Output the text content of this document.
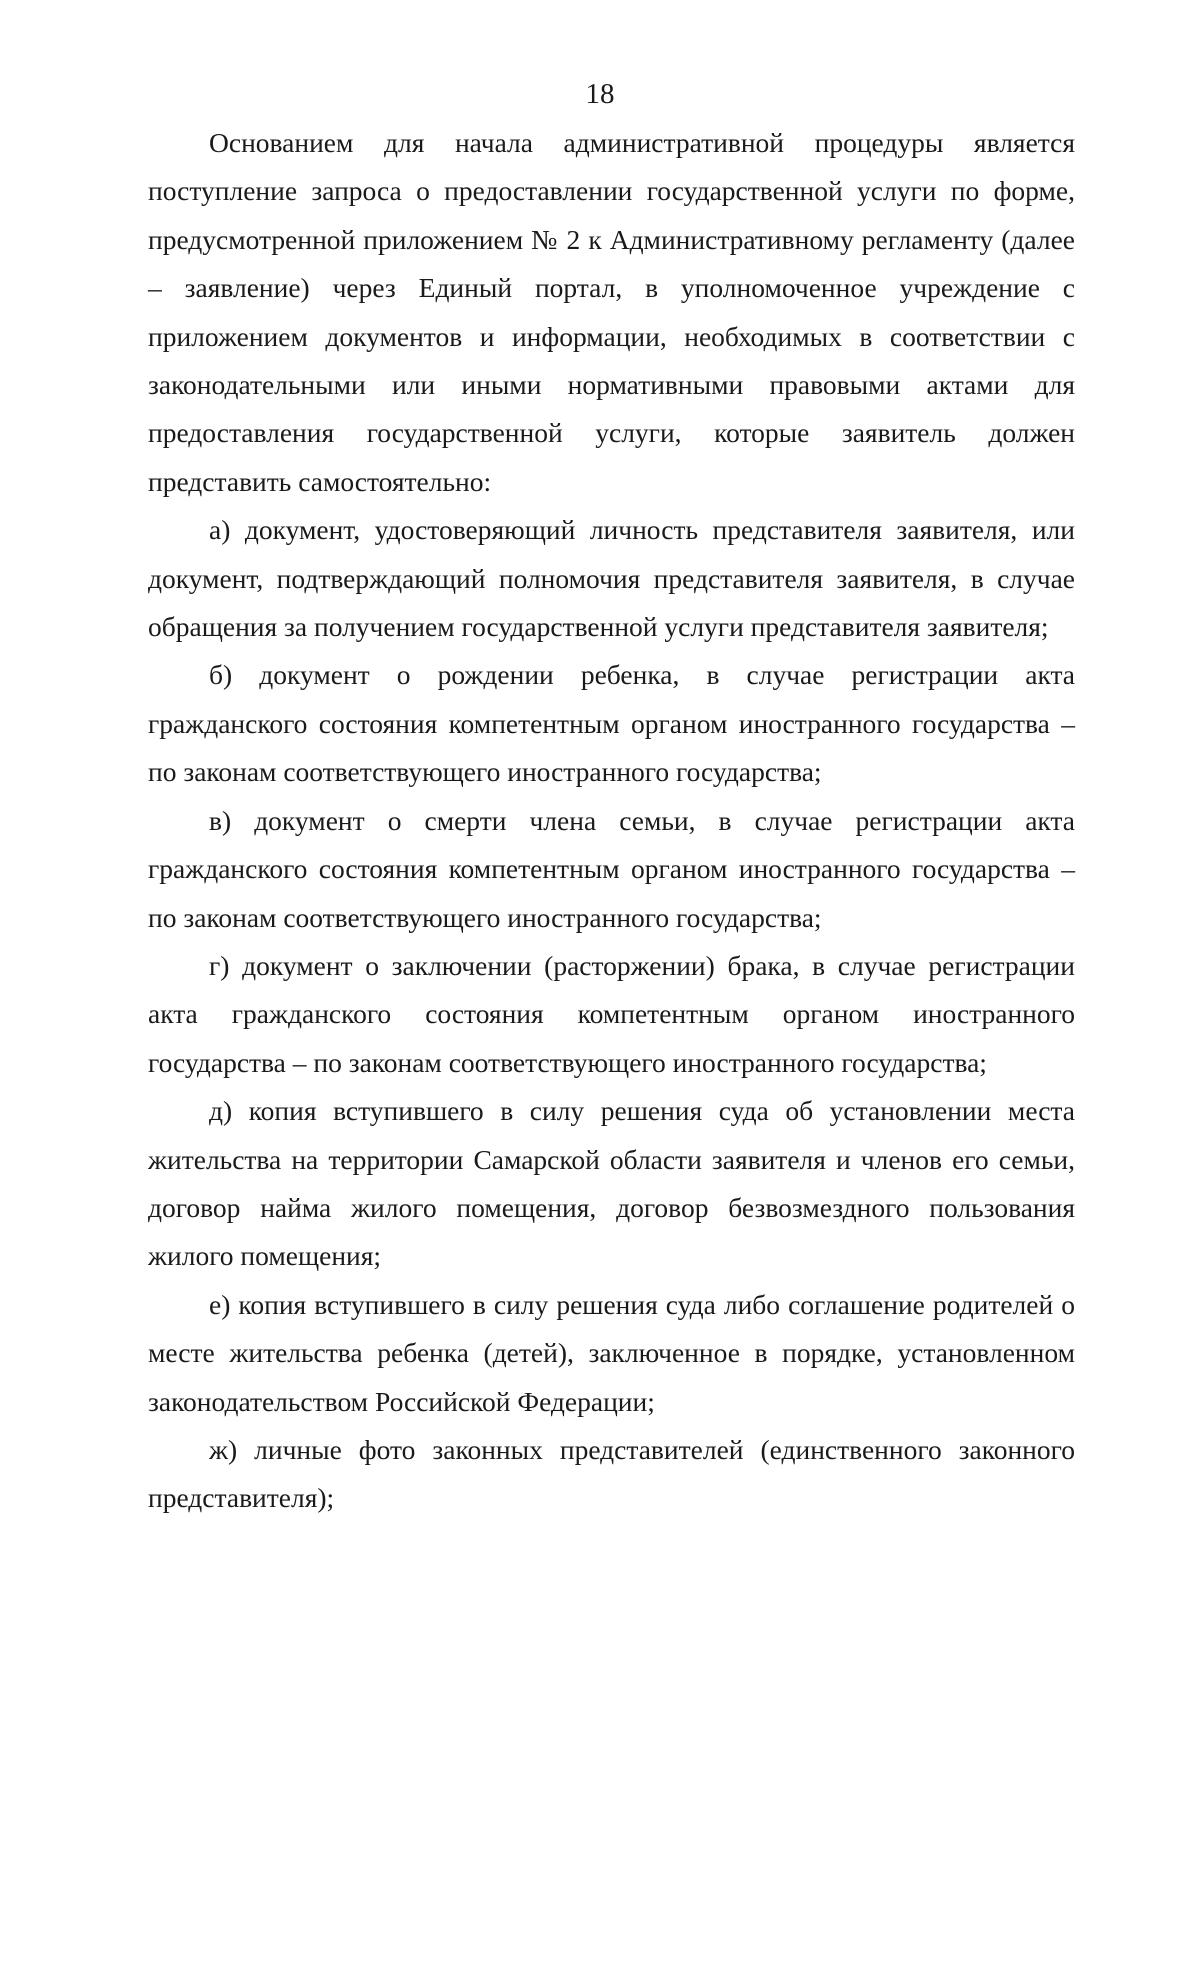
18

Основанием для начала административной процедуры является поступление запроса о предоставлении государственной услуги по форме, предусмотренной приложением № 2 к Административному регламенту (далее – заявление) через Единый портал, в уполномоченное учреждение с приложением документов и информации, необходимых в соответствии с законодательными или иными нормативными правовыми актами для предоставления государственной услуги, которые заявитель должен представить самостоятельно:

а) документ, удостоверяющий личность представителя заявителя, или документ, подтверждающий полномочия представителя заявителя, в случае обращения за получением государственной услуги представителя заявителя;
б) документ о рождении ребенка, в случае регистрации акта гражданского состояния компетентным органом иностранного государства – по законам соответствующего иностранного государства;
в) документ о смерти члена семьи, в случае регистрации акта гражданского состояния компетентным органом иностранного государства – по законам соответствующего иностранного государства;
г) документ о заключении (расторжении) брака, в случае регистрации акта гражданского состояния компетентным органом иностранного государства – по законам соответствующего иностранного государства;
д) копия вступившего в силу решения суда об установлении места жительства на территории Самарской области заявителя и членов его семьи, договор найма жилого помещения, договор безвозмездного пользования жилого помещения;
е) копия вступившего в силу решения суда либо соглашение родителей о месте жительства ребенка (детей), заключенное в порядке, установленном законодательством Российской Федерации;
ж) личные фото законных представителей (единственного законного представителя);
